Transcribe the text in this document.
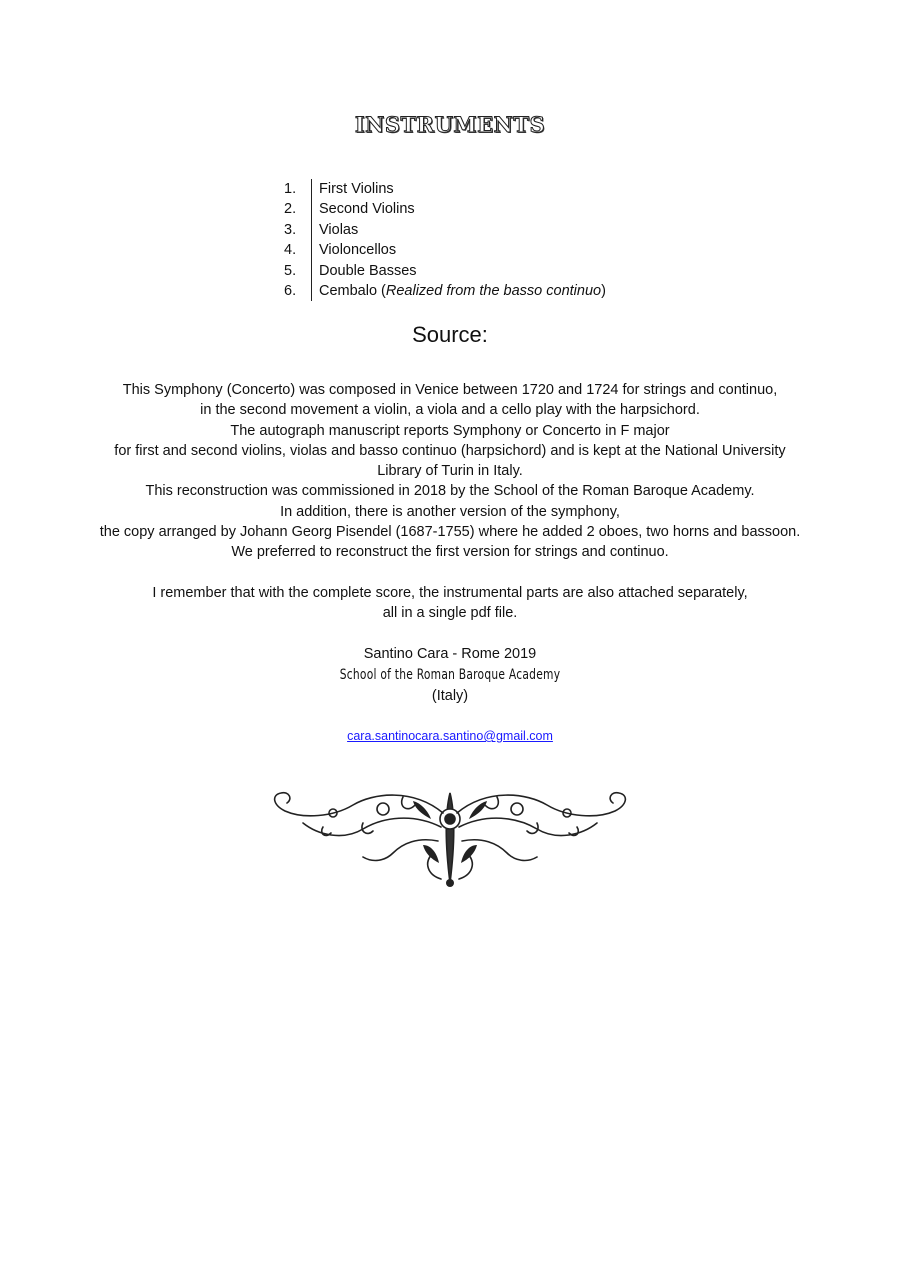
INSTRUMENTS
1.	First Violins
2.	Second Violins
3.	Violas
4.	Violoncellos
5.	Double Basses
6.	Cembalo (Realized from the basso continuo)
Source:

This Symphony (Concerto) was composed in Venice between 1720 and 1724 for strings and continuo,

in the second movement a violin, a viola and a cello play with the harpsichord.

The autograph manuscript reports Symphony or Concerto in F major

for first and second violins, violas and basso continuo (harpsichord) and is kept at the National University

Library of Turin in Italy.

This reconstruction was commissioned in 2018 by the School of the Roman Baroque Academy.

In addition, there is another version of the symphony,

the copy arranged by Johann Georg Pisendel (1687-1755) where he added 2 oboes, two horns and bassoon.

We preferred to reconstruct the first version for strings and continuo.

I remember that with the complete score, the instrumental parts are also attached separately,

all in a single pdf file.

Santino Cara - Rome 2019
School of the Roman Baroque Academy
(Italy)
cara.santinocara.santino@gmail.com
